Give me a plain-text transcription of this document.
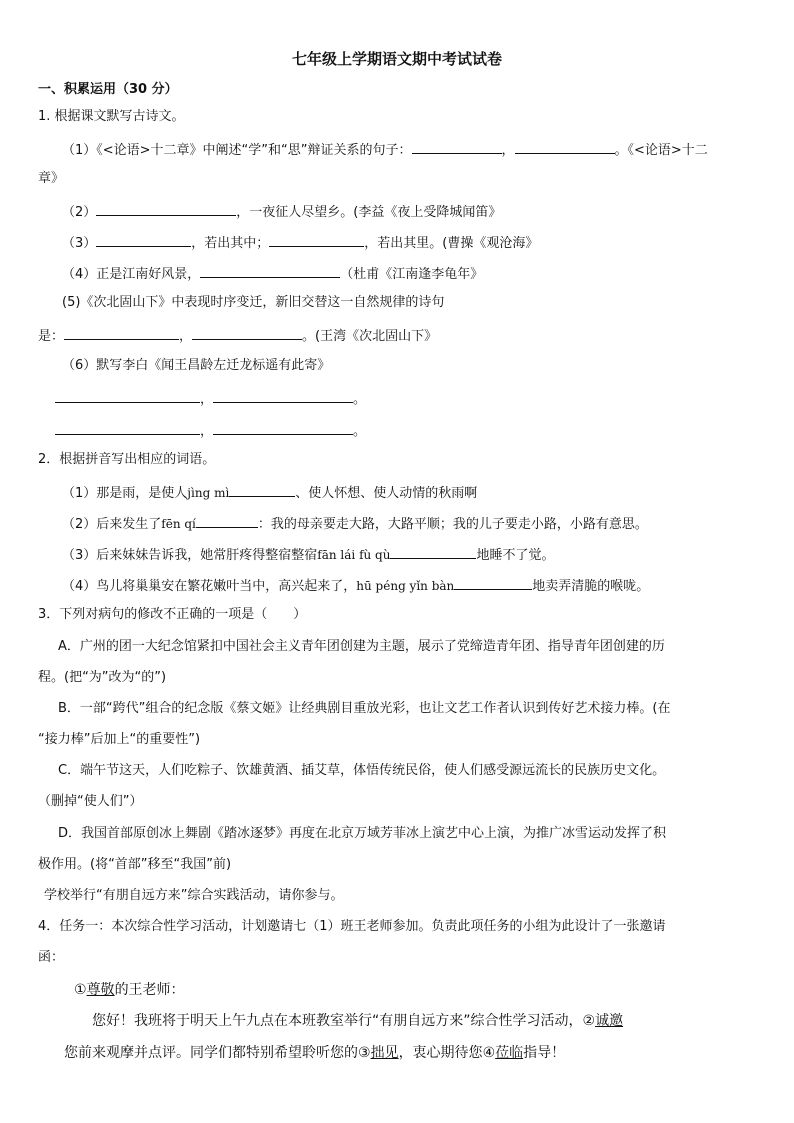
七年级上学期语文期中考试试卷
一、积累运用（30 分）
1. 根据课文默写古诗文。
（1）《<论语>十二章》中阐述“学”和“思”辩证关系的句子：	，	。《<论语>十二
章》
（2）	，一夜征人尽望乡。(李益《夜上受降城闻笛》
（3）	，若出其中；	，若出其里。(曹操《观沧海》
（4）正是江南好风景，	（杜甫《江南逢李龟年》
(5)《次北固山下》中表现时序变迁，新旧交替这一自然规律的诗句
是：	，	。(王湾《次北固山下》
（6）默写李白《闻王昌龄左迁龙标遥有此寄》
，	。
，	。
2．根据拼音写出相应的词语。
（1）那是雨，是使人jìng mì	、使人怀想、使人动情的秋雨啊
（2）后来发生了fēn qí	：我的母亲要走大路，大路平顺；我的儿子要走小路，小路有意思。
（3）后来妹妹告诉我，她常肝疼得整宿整宿fān lái fù qù	地睡不了觉。
（4）鸟儿将巢巢安在繁花嫩叶当中，高兴起来了，hū péng yǐn bàn	地卖弄清脆的喉咙。
3．下列对病句的修改不正确的一项是（　　）
A．广州的团一大纪念馆紧扣中国社会主义青年团创建为主题，展示了党缔造青年团、指导青年团创建的历
程。(把“为”改为“的”)
B．一部“跨代”组合的纪念版《蔡文姬》让经典剧目重放光彩，也让文艺工作者认识到传好艺术接力棒。(在
“接力棒”后加上“的重要性”)
C．端午节这天，人们吃粽子、饮雄黄酒、插艾草，体悟传统民俗，使人们感受源远流长的民族历史文化。
（删掉“使人们”）
D．我国首部原创冰上舞剧《踏冰逐梦》再度在北京万域芳菲冰上演艺中心上演，为推广冰雪运动发挥了积
极作用。(将“首部”移至“我国”前)
学校举行“有朋自远方来”综合实践活动，请你参与。
4．任务一：本次综合性学习活动，计划邀请七（1）班王老师参加。负责此项任务的小组为此设计了一张邀请
函：
①尊敬的王老师：
您好！我班将于明天上午九点在本班教室举行“有朋自远方来”综合性学习活动，②诚邀
您前来观摩并点评。同学们都特别希望聆听您的③拙见，衷心期待您④莅临指导！
